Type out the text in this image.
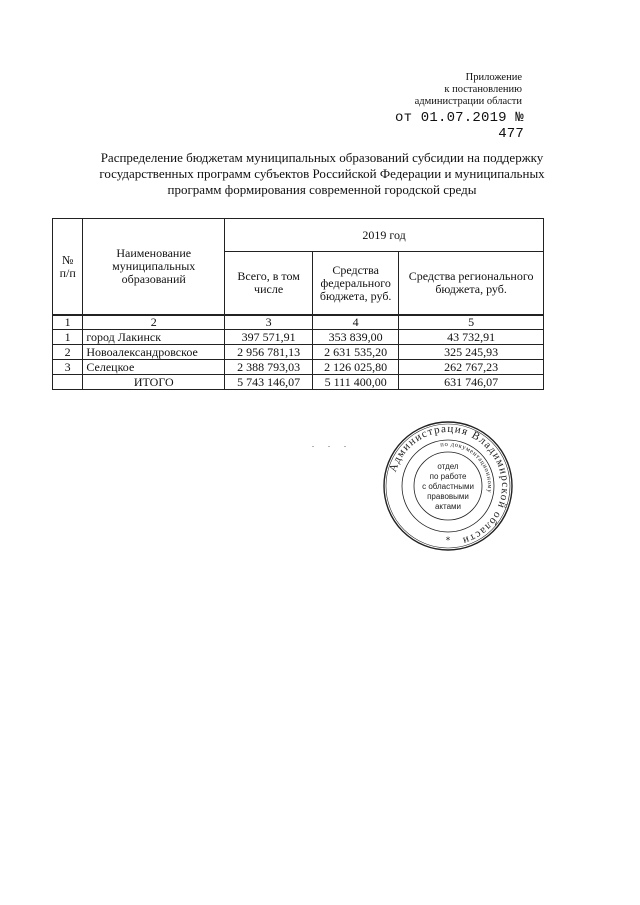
Приложение
к постановлению
администрации области
от 01.07.2019 № 477
Распределение бюджетам муниципальных образований субсидии на поддержку
государственных программ субъектов Российской Федерации и муниципальных
программ формирования современной городской среды
№ п/п	Наименование муниципальных образований	2019 год		
		Всего, в том числе	Средства федерального бюджета, руб.	Средства регионального бюджета, руб.
1	2	3	4	5
1	город Лакинск	397 571,91	353 839,00	43 732,91
2	Новоалександровское	2 956 781,13	2 631 535,20	325 245,93
3	Селецкое	2 388 793,03	2 126 025,80	262 767,23
	ИТОГО	5 743 146,07	5 111 400,00	631 746,07
. . .
Администрация Владимирской области
по документационному
отдел
по работе
с областными
правовыми
актами
*
